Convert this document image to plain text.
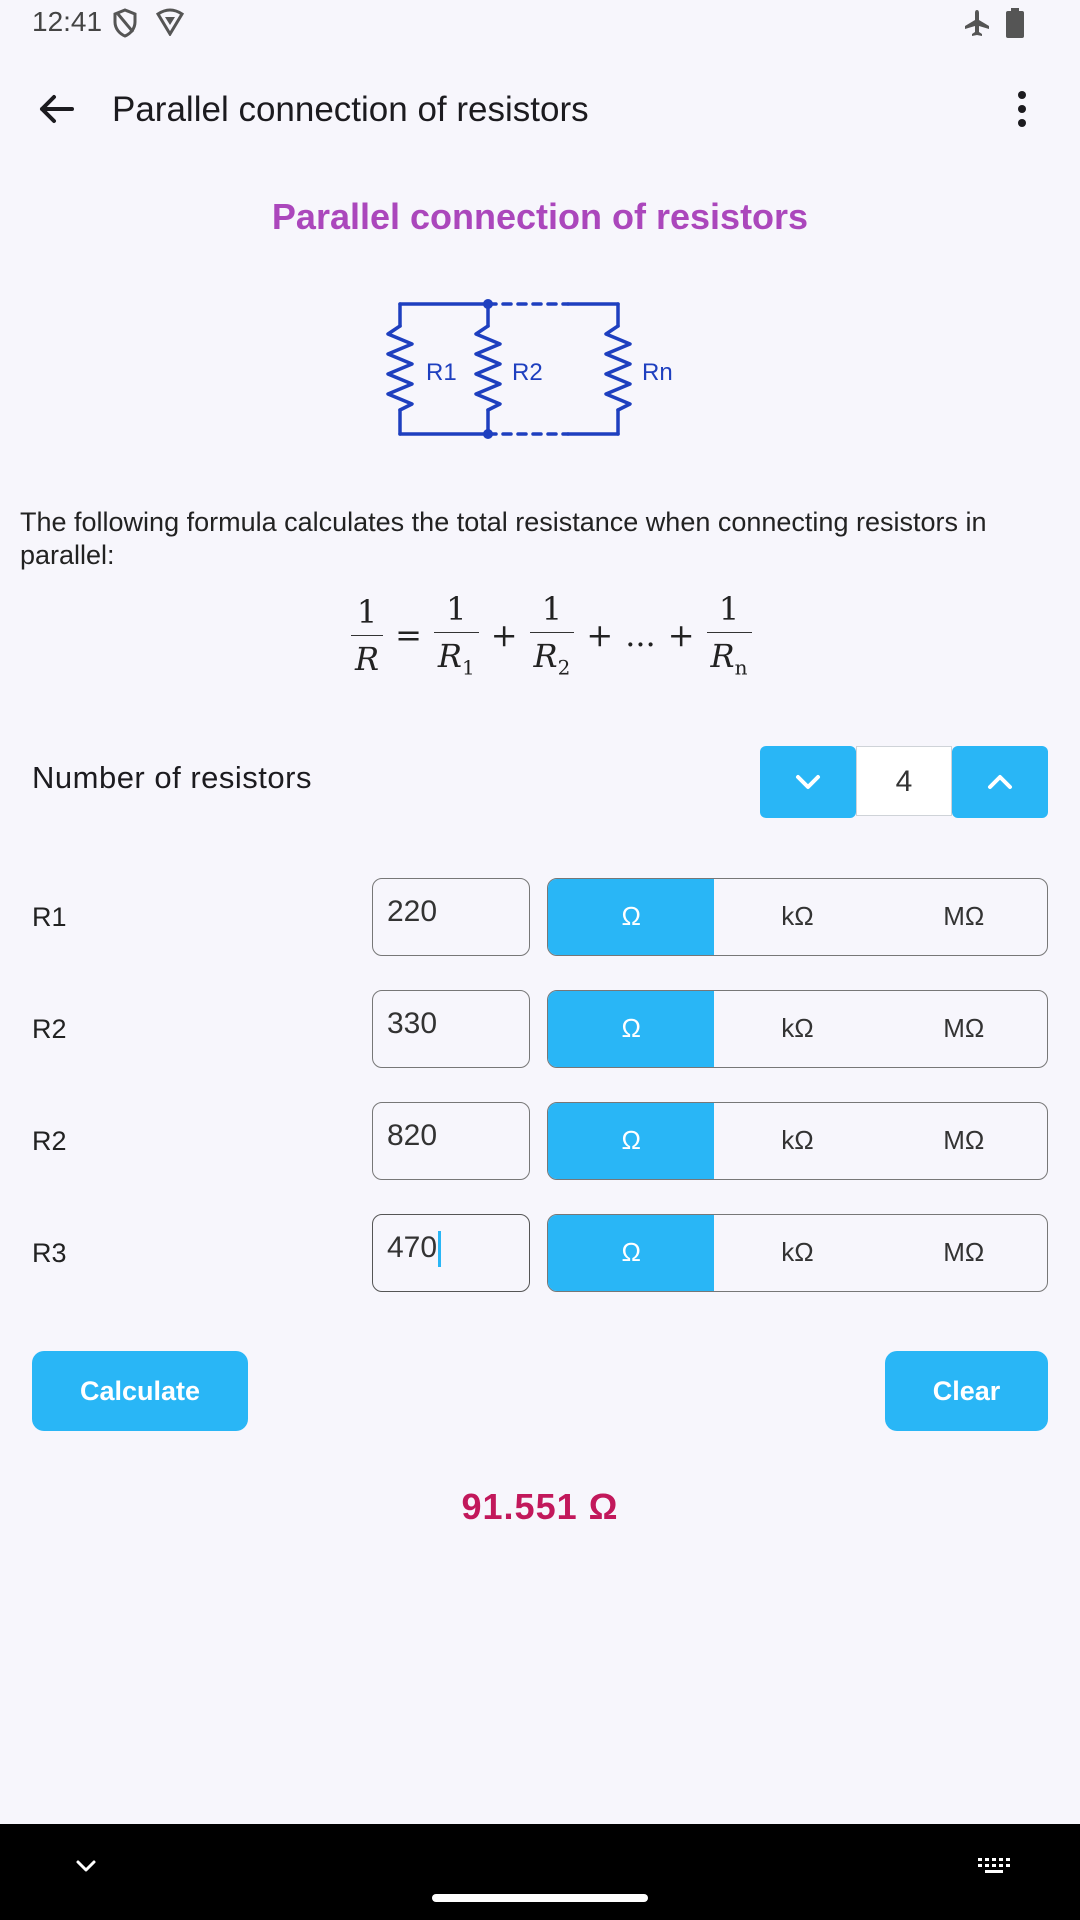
12:41
Parallel connection of resistors
Parallel connection of resistors
R1 R2	Rn
The following formula calculates the total resistance when connecting resistors in parallel:
$\frac{1}{R} = \frac{1}{R_1} + \frac{1}{R_2}$ + ... + $\frac{1}{R_n}$
Number of resistors	4
R1	220	Ω	kΩ	MΩ
R2	330	Ω	kΩ	MΩ
R2	820	Ω	kΩ	MΩ
R3	470	Ω	kΩ	MΩ
Calculate	Clear
91.551 Ω
